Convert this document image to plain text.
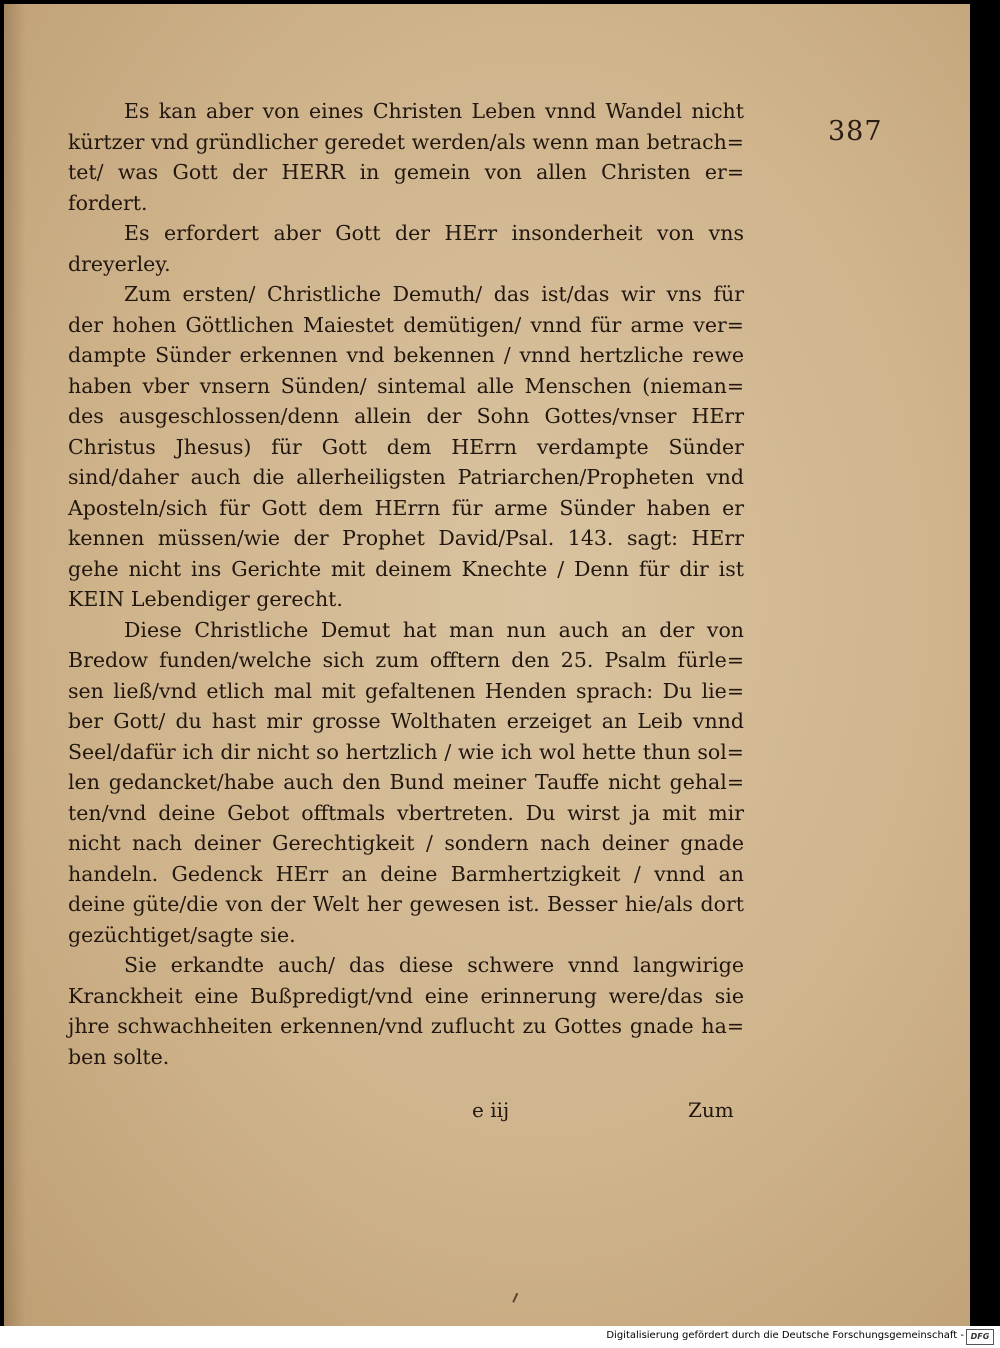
387
Es kan aber von eines Christen Leben vnnd Wandel nicht
kürtzer vnd gründlicher geredet werden/als wenn man betrach=
tet/ was Gott der HERR in gemein von allen Christen er=
fordert.
Es erfordert aber Gott der HErr insonderheit von vns
dreyerley.
Zum ersten/ Christliche Demuth/ das ist/das wir vns für
der hohen Göttlichen Maiestet demütigen/ vnnd für arme ver=
dampte Sünder erkennen vnd bekennen / vnnd hertzliche rewe
haben vber vnsern Sünden/ sintemal alle Menschen (nieman=
des ausgeschlossen/denn allein der Sohn Gottes/vnser HErr
Christus Jhesus) für Gott dem HErrn verdampte Sünder
sind/daher auch die allerheiligsten Patriarchen/Propheten vnd
Aposteln/sich für Gott dem HErrn für arme Sünder haben er
kennen müssen/wie der Prophet David/Psal. 143. sagt: HErr
gehe nicht ins Gerichte mit deinem Knechte / Denn für dir ist
KEIN Lebendiger gerecht.
Diese Christliche Demut hat man nun auch an der von
Bredow funden/welche sich zum offtern den 25. Psalm fürle=
sen ließ/vnd etlich mal mit gefaltenen Henden sprach: Du lie=
ber Gott/ du hast mir grosse Wolthaten erzeiget an Leib vnnd
Seel/dafür ich dir nicht so hertzlich / wie ich wol hette thun sol=
len gedancket/habe auch den Bund meiner Tauffe nicht gehal=
ten/vnd deine Gebot offtmals vbertreten. Du wirst ja mit mir
nicht nach deiner Gerechtigkeit / sondern nach deiner gnade
handeln. Gedenck HErr an deine Barmhertzigkeit / vnnd an
deine güte/die von der Welt her gewesen ist. Besser hie/als dort
gezüchtiget/sagte sie.
Sie erkandte auch/ das diese schwere vnnd langwirige
Kranckheit eine Bußpredigt/vnd eine erinnerung were/das sie
jhre schwachheiten erkennen/vnd zuflucht zu Gottes gnade ha=
ben solte.
e iij	Zum
Digitalisierung gefördert durch die Deutsche Forschungsgemeinschaft - DFG
